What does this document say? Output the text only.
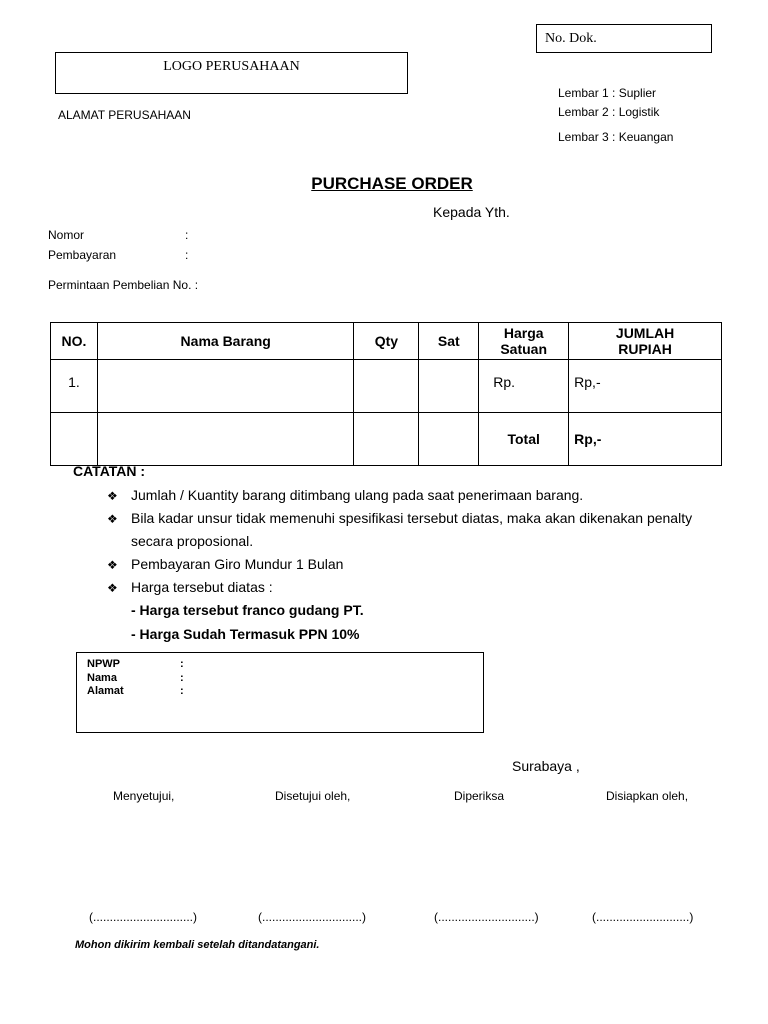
No. Dok.
LOGO PERUSAHAAN
ALAMAT PERUSAHAAN
Lembar 1 : Suplier
Lembar 2 : Logistik
Lembar 3 : Keuangan
PURCHASE ORDER
Kepada Yth.
Nomor	:
Pembayaran	:
Permintaan Pembelian No. :
NO.	Nama Barang	Qty	Sat	Harga Satuan	JUMLAH RUPIAH

1.				Rp.	Rp,-

				Total	Rp,-
CATATAN :
❖ Jumlah / Kuantity barang ditimbang ulang pada saat penerimaan barang.
❖ Bila kadar unsur tidak memenuhi spesifikasi tersebut diatas, maka akan dikenakan penalty
secara proposional.
❖ Pembayaran Giro Mundur 1 Bulan
❖ Harga tersebut diatas :
- Harga tersebut franco gudang PT.
- Harga Sudah Termasuk PPN 10%
NPWP	:
Nama	:
Alamat	:
Surabaya ,
Menyetujui,	Disetujui oleh,	Diperiksa	Disiapkan oleh,
(..............................)	(..............................)	(.............................)	(............................)
Mohon dikirim kembali setelah ditandatangani.
